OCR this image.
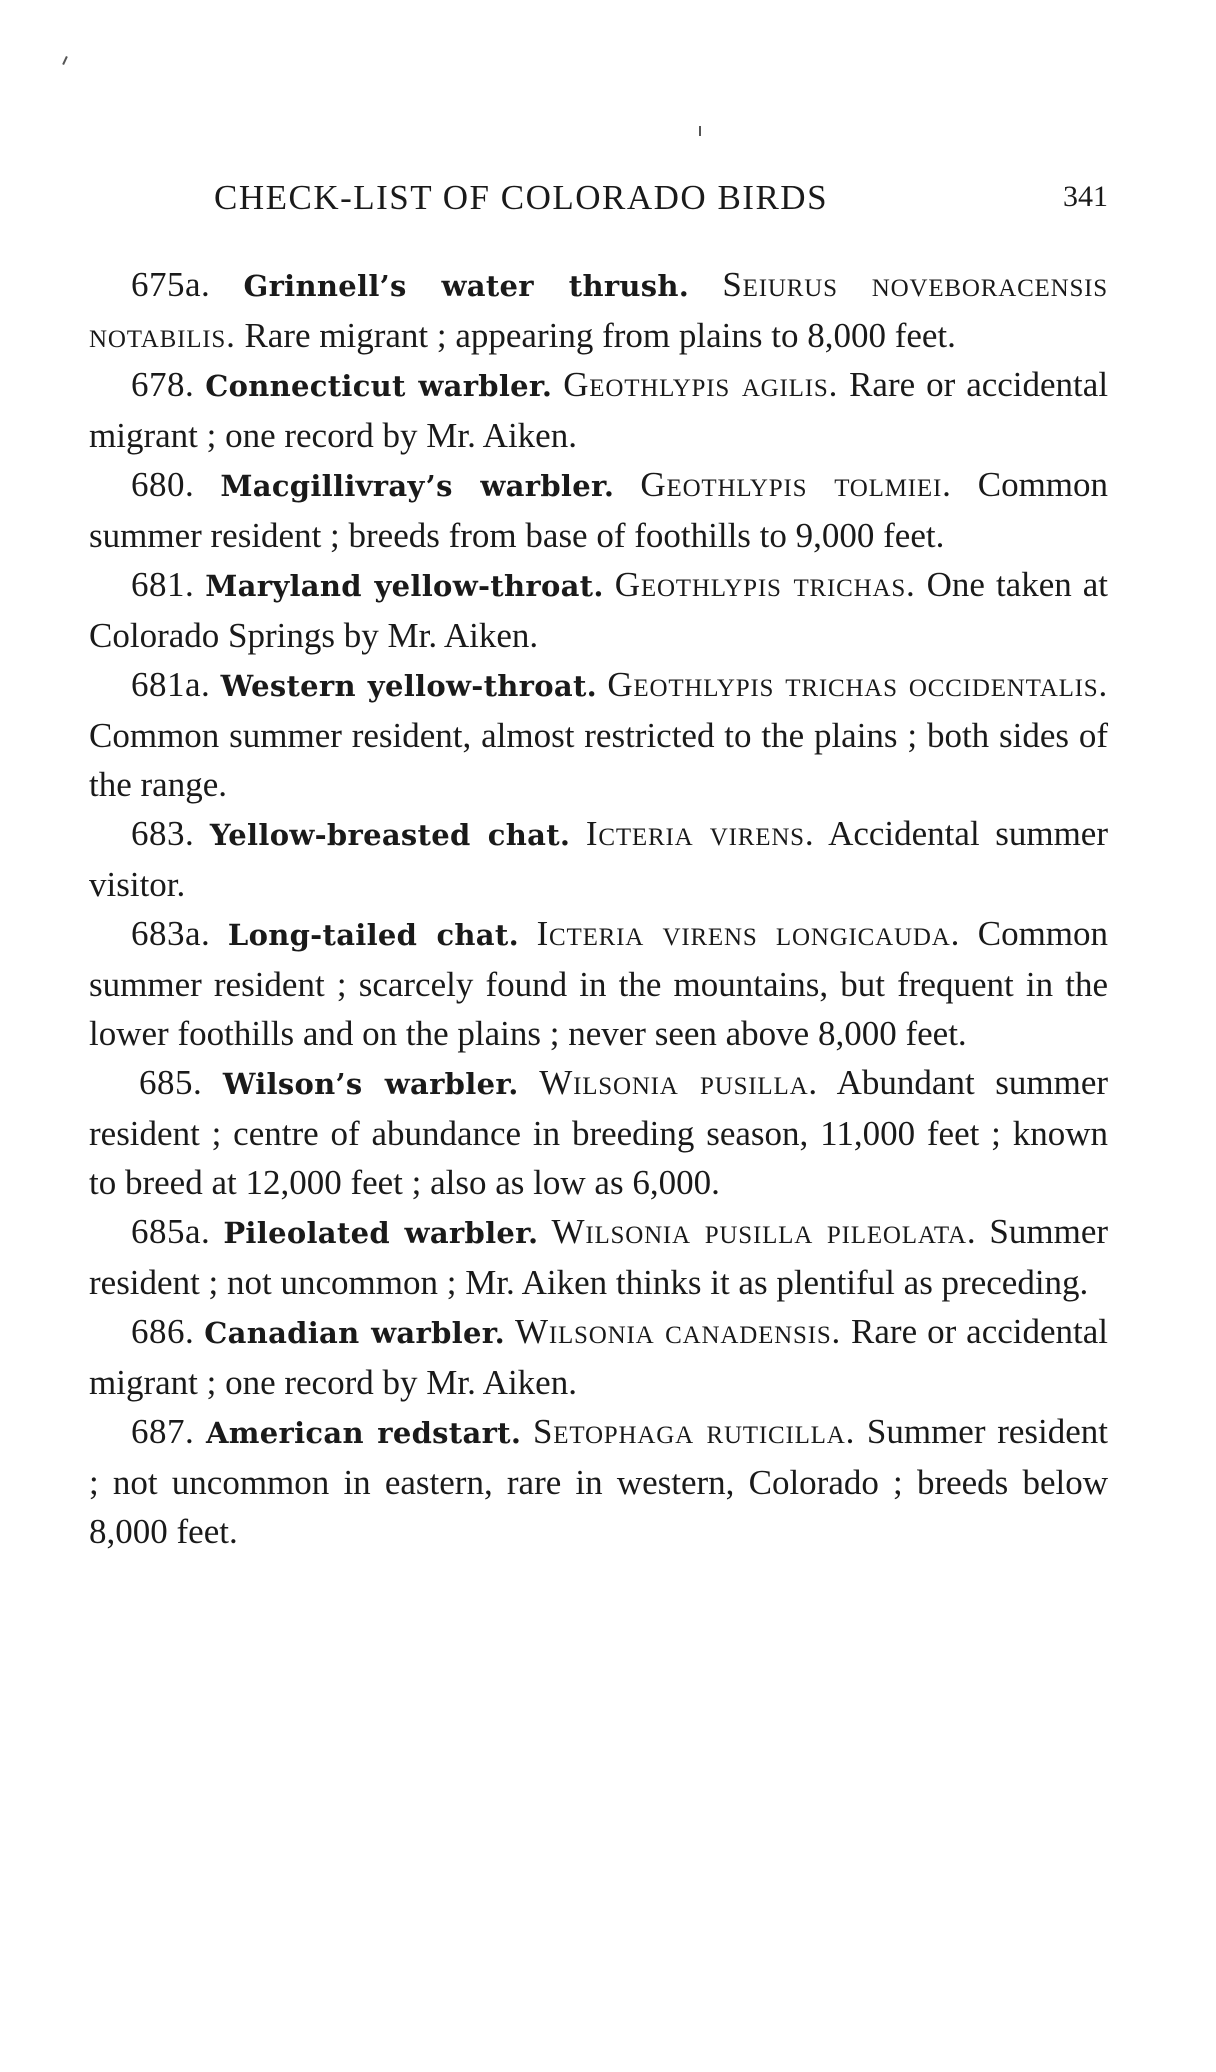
CHECK-LIST OF COLORADO BIRDS	341

675a. Grinnell’s water thrush. Seiurus noveboracensis notabilis. Rare migrant ; appearing from plains to 8,000 feet.

678. Connecticut warbler. Geothlypis agilis. Rare or accidental migrant ; one record by Mr. Aiken.

680. Macgillivray’s warbler. Geothlypis tolmiei. Common summer resident ; breeds from base of foothills to 9,000 feet.

681. Maryland yellow-throat. Geothlypis trichas. One taken at Colorado Springs by Mr. Aiken.

681a. Western yellow-throat. Geothlypis trichas occidentalis. Common summer resident, almost restricted to the plains ; both sides of the range.

683. Yellow-breasted chat. Icteria virens. Accidental summer visitor.

683a. Long-tailed chat. Icteria virens longicauda. Common summer resident ; scarcely found in the mountains, but frequent in the lower foothills and on the plains ; never seen above 8,000 feet.

685. Wilson’s warbler. Wilsonia pusilla. Abundant summer resident ; centre of abundance in breeding season, 11,000 feet ; known to breed at 12,000 feet ; also as low as 6,000.

685a. Pileolated warbler. Wilsonia pusilla pileolata. Summer resident ; not uncommon ; Mr. Aiken thinks it as plentiful as preceding.

686. Canadian warbler. Wilsonia canadensis. Rare or accidental migrant ; one record by Mr. Aiken.

687. American redstart. Setophaga ruticilla. Summer resident ; not uncommon in eastern, rare in western, Colorado ; breeds below 8,000 feet.
